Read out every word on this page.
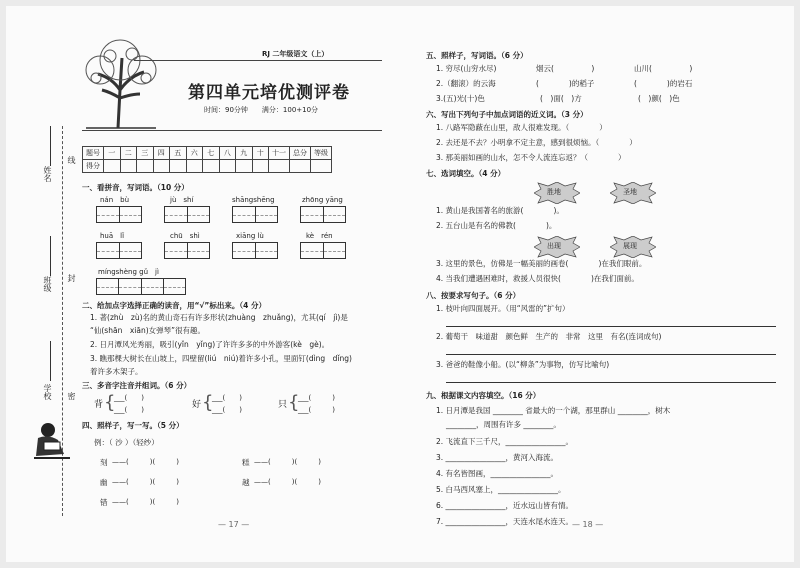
姓名
线
班级 封
学校 密
RJ 二年级语文（上）
第四单元培优测评卷
时间：90分钟　　满分：100+10分
题号	一	二	三	四	五	六	七	八	九	十	十一	总分	等级
得分													
一、看拼音，写词语。（10 分）
nán　bù	jù　shí	shāngshēng	zhōng yāng
huā　lǐ	chū　shì	xiāng lù	kè　rén
míngshèng gǔ　jì
二、给加点字选择正确的读音，用“√”标出来。（4 分）
1. 著(zhù　zù)名的黄山奇石有许多形状(zhuàng　zhuǎng)，尤其(qí　jì)是
“仙(shān　xiān)女弹琴”很有趣。
2. 日月潭风光秀丽，吸引(yǐn　yǐng)了许许多多的中外游客(kè　gè)。
3. 瞧那棵大树长在山坡上，四壁留(liú　niú)着许多小孔，里面钉(dìng　dǐng)
着许多木架子。
三、多音字注音并组词。（6 分）
背 {
___(　　)　　　
___(　　)　　　	好 {
___(　　)
___(　　)	只 {
___(　　　)
___(　　　)
四、照样子，写一写。（5 分）
例：（ 沙 ）（轻纱）
刻 ——(　　　)(　　　)	糕 ——(　　　)(　　　)
幽 ——(　　　)(　　　)	越 ——(　　　)(　　　)
错 ——(　　　)(　　　)
— 17 —
五、照样子，写词语。（6 分）
1. 穷尽(山穷水尽)	烟云(　　　　　)	山川(　　　　　)
2.（翻滚）的云海	(　　　　)的稻子	(　　　　)的岩石
3.(五)光(十)色	(　)面(　)方	(　)颜(　)色
六、写出下列句子中加点词语的近义词。（3 分）
1. 八路军隐蔽在山里，敌人很难发现。（　　　　）
2. 去还是不去？小明拿不定主意，感到很烦恼。（　　　　）
3. 那美丽如画的山水，怎不令人流连忘返？（　　　　）
七、选词填空。（4 分）
胜地	圣地
1. 黄山是我国著名的旅游(　　　　)。
2. 五台山是有名的佛教(　　　　)。
出现	展现
3. 这里的景色，仿佛是一幅美丽的画卷(　　　　)在我们眼前。
4. 当我们遭遇困难时，救援人员很快(　　　　)在我们面前。
八、按要求写句子。（6 分）
1. 枝叶向四面展开。（用“风雷的”扩句）
2. 葡萄干　味道甜　颜色鲜　生产的　非常　这里　有名(连词成句)
3. 爸爸的鞋像小船。(以“柳条”为事物，仿写比喻句)
九、根据课文内容填空。（16 分）
1. 日月潭是我国 ________ 省最大的一个湖，那里群山 ________，树木
________，周围有许多 ________。
2. 飞流直下三千尺，________________。
3. ________________，黄河入海流。
4. 有名皆图画，________________。
5. 白马西风塞上，________________。
6. ________________，近水远山皆有情。
7. ________________，天连水尾水连天。
— 18 —
